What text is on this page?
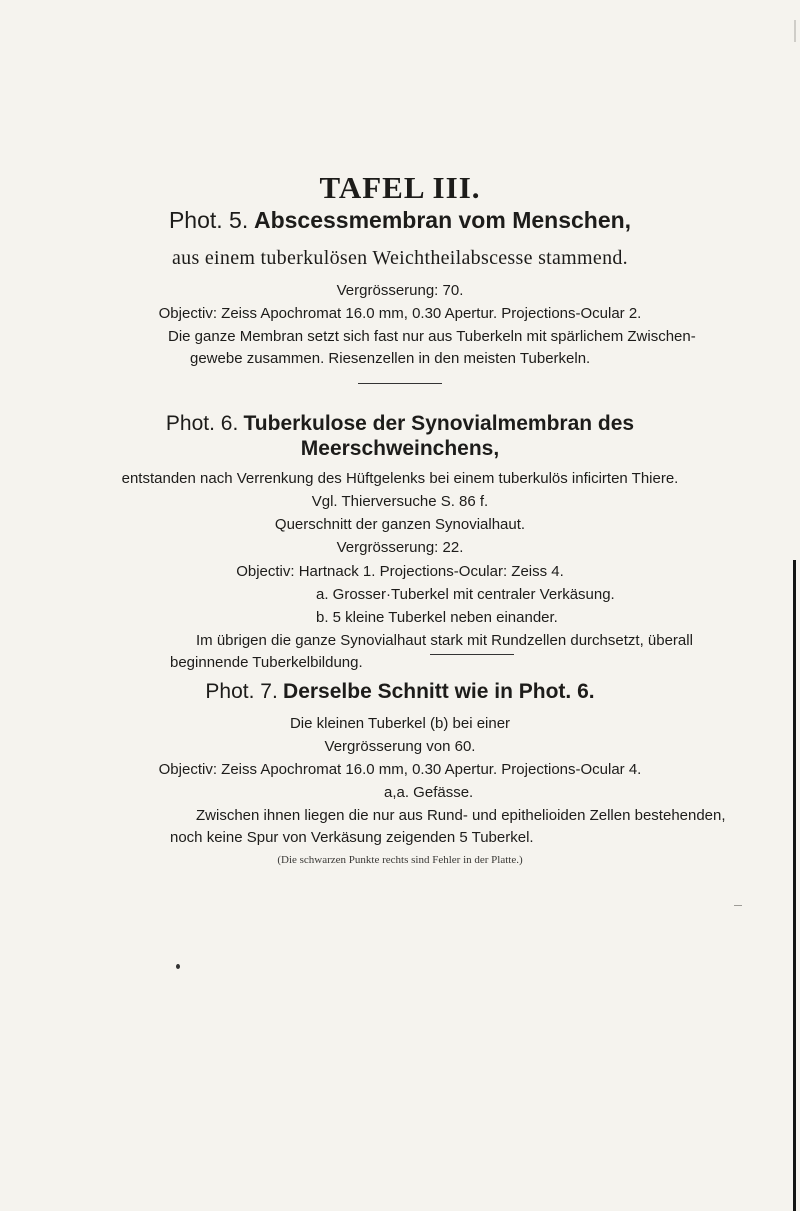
TAFEL III.
Phot. 5. Abscessmembran vom Menschen,
aus einem tuberkulösen Weichtheilabscesse stammend.
Vergrösserung: 70.
Objectiv: Zeiss Apochromat 16.0 mm, 0.30 Apertur. Projections-Ocular 2.
Die ganze Membran setzt sich fast nur aus Tuberkeln mit spärlichem Zwischen-
gewebe zusammen. Riesenzellen in den meisten Tuberkeln.
Phot. 6. Tuberkulose der Synovialmembran des
Meerschweinchens,
entstanden nach Verrenkung des Hüftgelenks bei einem tuberkulös inficirten Thiere.
Vgl. Thierversuche S. 86 f.
Querschnitt der ganzen Synovialhaut.
Vergrösserung: 22.
Objectiv: Hartnack 1. Projections-Ocular: Zeiss 4.
a. Grosser·Tuberkel mit centraler Verkäsung.
b. 5 kleine Tuberkel neben einander.
Im übrigen die ganze Synovialhaut stark mit Rundzellen durchsetzt, überall
beginnende Tuberkelbildung.
Phot. 7. Derselbe Schnitt wie in Phot. 6.
Die kleinen Tuberkel (b) bei einer
Vergrösserung von 60.
Objectiv: Zeiss Apochromat 16.0 mm, 0.30 Apertur. Projections-Ocular 4.
a,a. Gefässe.
Zwischen ihnen liegen die nur aus Rund- und epithelioiden Zellen bestehenden,
noch keine Spur von Verkäsung zeigenden 5 Tuberkel.
(Die schwarzen Punkte rechts sind Fehler in der Platte.)
